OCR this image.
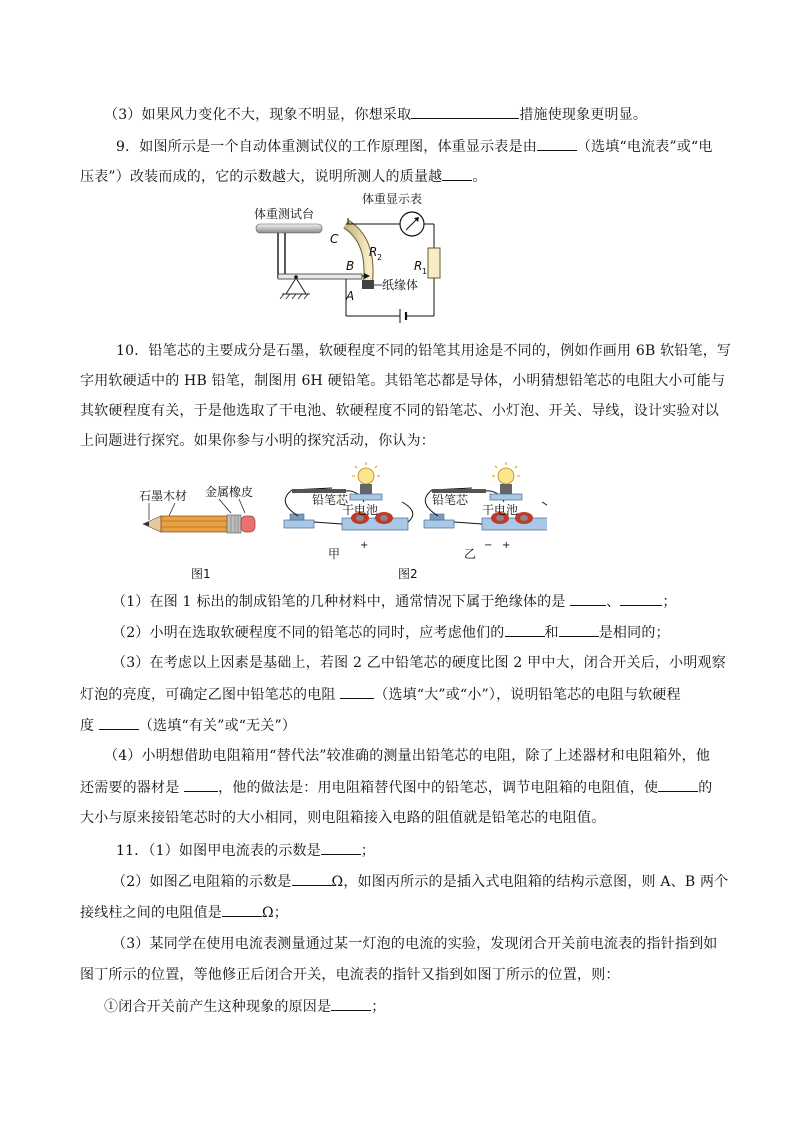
（3）如果风力变化不大，现象不明显，你想采取	措施使现象更明显。
9．如图所示是一个自动体重测试仪的工作原理图，体重显示表是由	（选填“电流表”或“电
压表”）改装而成的，它的示数越大，说明所测人的质量越 。
体重测试台
体重显示表
R 1
C
R 2
B
A
纸缘体
10．铅笔芯的主要成分是石墨，软硬程度不同的铅笔其用途是不同的，例如作画用 6B 软铅笔，写
字用软硬适中的 HB 铅笔，制图用 6H 硬铅笔。其铅笔芯都是导体，小明猜想铅笔芯的电阻大小可能与
其软硬程度有关，于是他选取了干电池、软硬程度不同的铅笔芯、小灯泡、开关、导线，设计实验对以
上问题进行探究。如果你参与小明的探究活动，你认为：
石墨木材 金属橡皮
图1
铅笔芯
干电池
甲
+
铅笔芯
干电池
乙
− +
图2
（1）在图 1 标出的制成铅笔的几种材料中，通常情况下属于绝缘体的是	、	；
（2）小明在选取软硬程度不同的铅笔芯的同时，应考虑他们的	和	是相同的；
（3）在考虑以上因素是基础上，若图 2 乙中铅笔芯的硬度比图 2 甲中大，闭合开关后，小明观察
灯泡的亮度，可确定乙图中铅笔芯的电阻 （选填“大”或“小”），说明铅笔芯的电阻与软硬程
度	（选填“有关”或“无关”）
（4）小明想借助电阻箱用“替代法”较准确的测量出铅笔芯的电阻，除了上述器材和电阻箱外，他
还需要的器材是 ，他的做法是：用电阻箱替代图中的铅笔芯，调节电阻箱的电阻值，使	的
大小与原来接铅笔芯时的大小相同，则电阻箱接入电路的阻值就是铅笔芯的电阻值。
11．（1）如图甲电流表的示数是	；
（2）如图乙电阻箱的示数是	Ω，如图丙所示的是插入式电阻箱的结构示意图，则 A、B 两个
接线柱之间的电阻值是	Ω；
（3）某同学在使用电流表测量通过某一灯泡的电流的实验，发现闭合开关前电流表的指针指到如
图丁所示的位置，等他修正后闭合开关，电流表的指针又指到如图丁所示的位置，则：
①闭合开关前产生这种现象的原因是	；
